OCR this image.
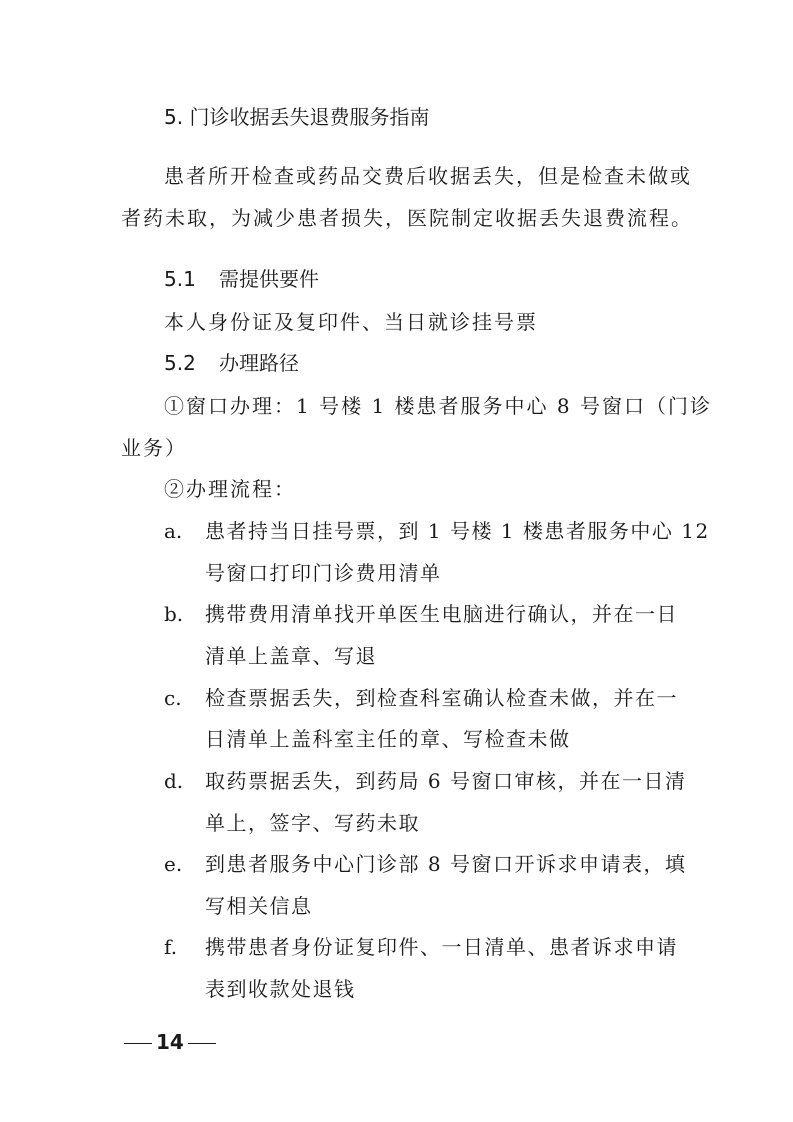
5. 门诊收据丢失退费服务指南
患者所开检查或药品交费后收据丢失，但是检查未做或
者药未取，为减少患者损失，医院制定收据丢失退费流程。
5.1 需提供要件
本人身份证及复印件、当日就诊挂号票
5.2 办理路径
①窗口办理：1 号楼 1 楼患者服务中心 8 号窗口（门诊
业务）
②办理流程：
a. 患者持当日挂号票，到 1 号楼 1 楼患者服务中心 12
号窗口打印门诊费用清单
b. 携带费用清单找开单医生电脑进行确认，并在一日
清单上盖章、写退
c. 检查票据丢失，到检查科室确认检查未做，并在一
日清单上盖科室主任的章、写检查未做
d. 取药票据丢失，到药局 6 号窗口审核，并在一日清
单上，签字、写药未取
e. 到患者服务中心门诊部 8 号窗口开诉求申请表，填
写相关信息
f. 携带患者身份证复印件、一日清单、患者诉求申请
表到收款处退钱
14
